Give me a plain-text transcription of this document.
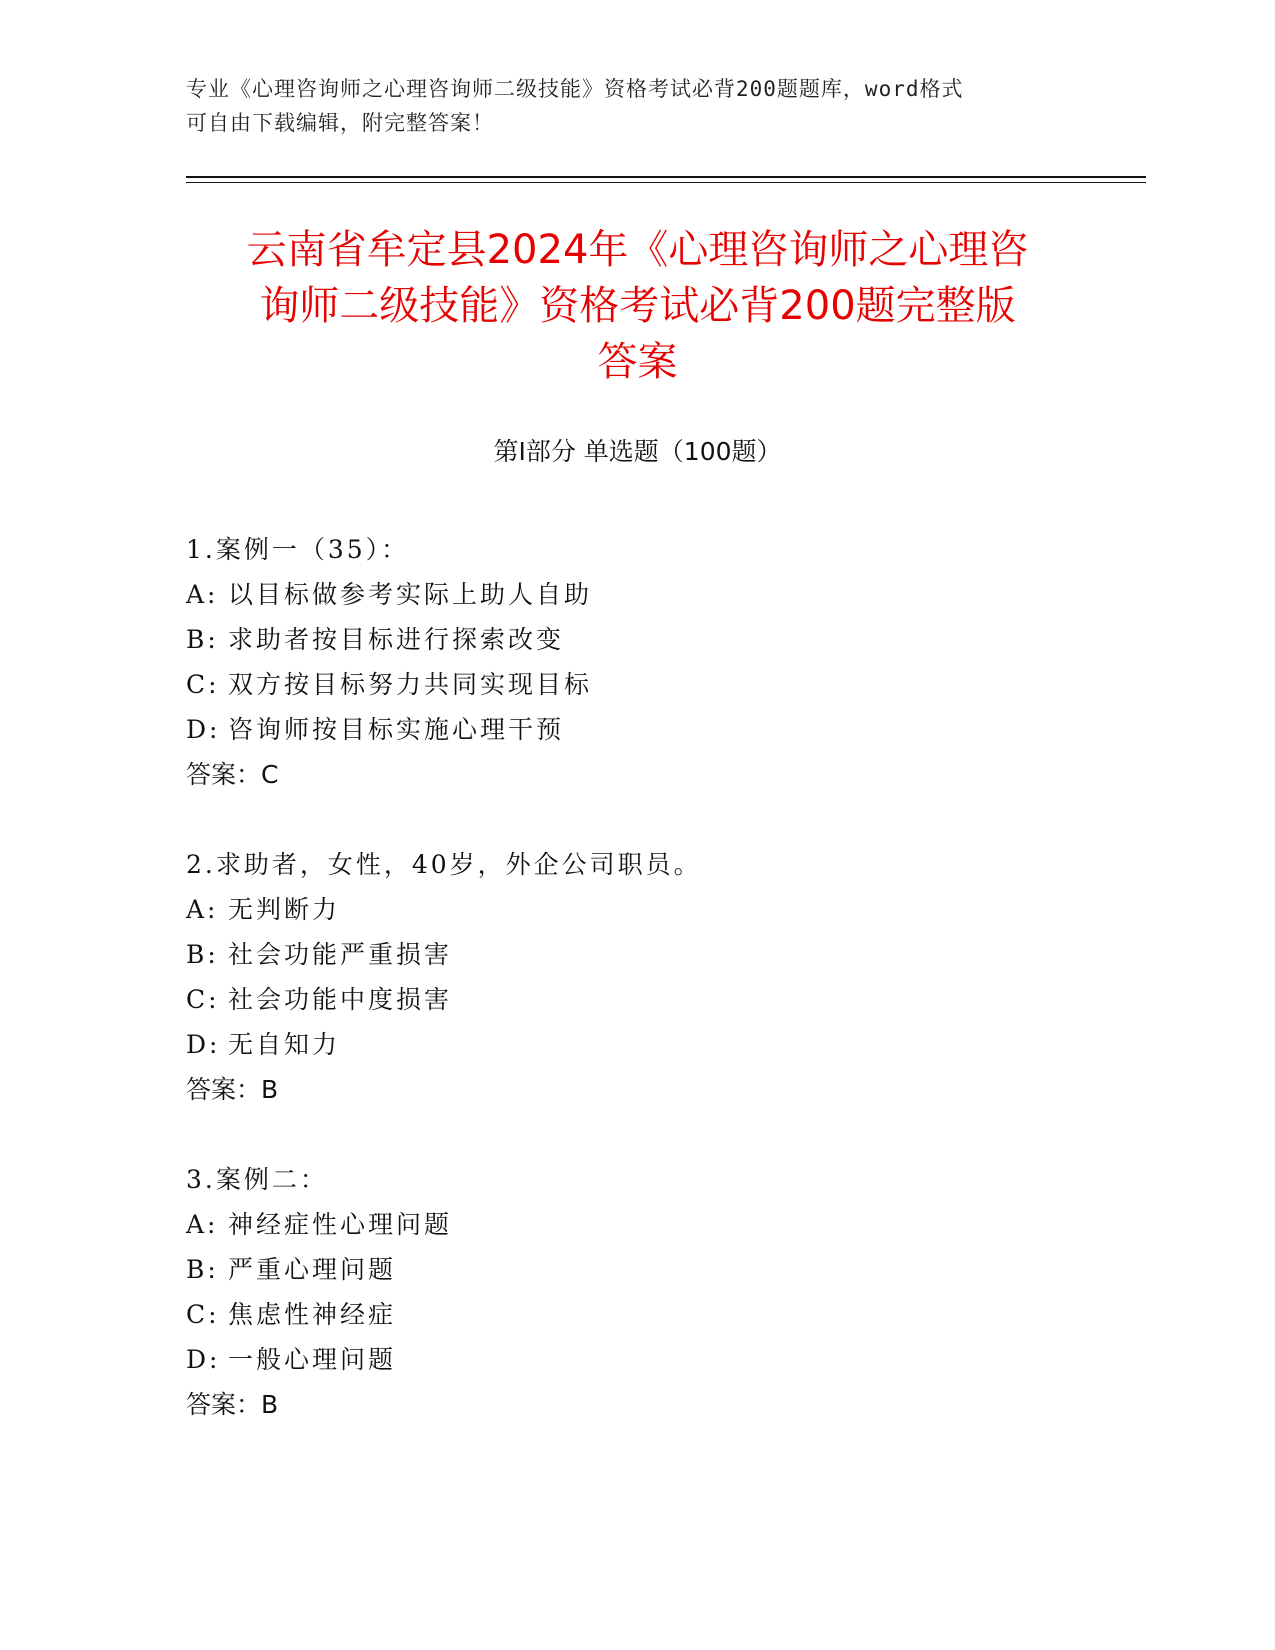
专业《心理咨询师之心理咨询师二级技能》资格考试必背200题题库，word格式
可自由下载编辑，附完整答案！
云南省牟定县2024年《心理咨询师之心理咨
询师二级技能》资格考试必背200题完整版
答案
第Ⅰ部分 单选题（100题）
1.案例一（35）：
A: 以目标做参考实际上助人自助
B: 求助者按目标进行探索改变
C: 双方按目标努力共同实现目标
D: 咨询师按目标实施心理干预
答案：C
2.求助者，女性，40岁，外企公司职员。
A: 无判断力
B: 社会功能严重损害
C: 社会功能中度损害
D: 无自知力
答案：B
3.案例二：
A: 神经症性心理问题
B: 严重心理问题
C: 焦虑性神经症
D: 一般心理问题
答案：B
